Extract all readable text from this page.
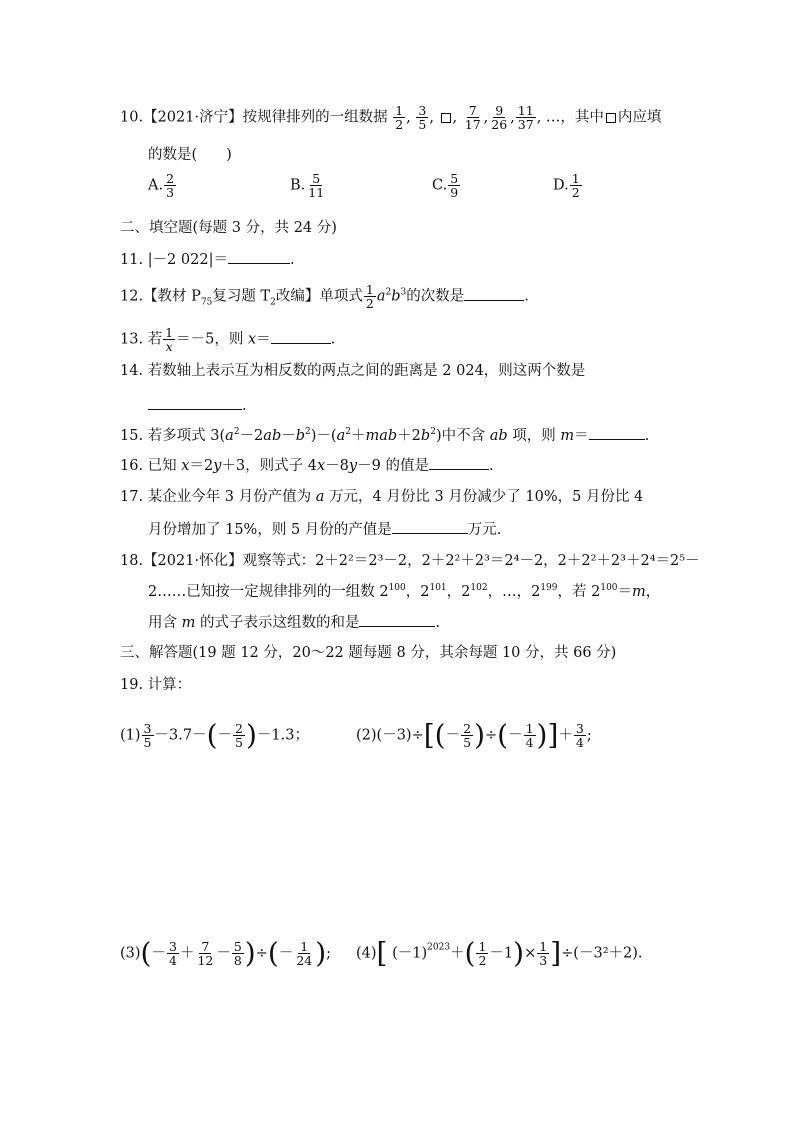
10.【2021·济宁】按规律排列的一组数据 $\frac{1}{2}$ , $\frac{3}{5}$ , , $\frac{7}{17}$ , $\frac{9}{26}$ , $\frac{11}{37}$ , …，其中 内应填
的数是(　　)
A. $\frac{2}{3}$	B. $\frac{5}{11}$	C. $\frac{5}{9}$	D. $\frac{1}{2}$
二、填空题(每题 3 分，共 24 分)
11. |－2 022|＝	.
12.【教材 $P_{75}$复习题 $T_2$改编】单项式 $\frac{1}{2} a^2b^3$的次数是	.
13. 若 $\frac{1}{x} =-5$，则 x＝	.
14. 若数轴上表示互为相反数的两点之间的距离是 2 024，则这两个数是
.
15. 若多项式 $3(a^2-2ab-b^2)-(a^2+mab+2b^2)$中不含 ab 项，则 m＝	.
16. 已知 x＝2y＋3，则式子 4x－8y－9 的值是	.
17. 某企业今年 3 月份产值为 a 万元，4 月份比 3 月份减少了 10%，5 月份比 4
月份增加了 15%，则 5 月份的产值是	万元.
18.【2021·怀化】观察等式：2＋2²＝2³－2，2＋2²＋2³＝2⁴－2，2＋2²＋2³＋2⁴＝2⁵－
2……已知按一定规律排列的一组数 $2^{100}$，$2^{101}$，$2^{102}$，…，$2^{199}$，若 $2^{100}=m$，
用含 m 的式子表示这组数的和是	.
三、解答题(19 题 12 分，20～22 题每题 8 分，其余每题 10 分，共 66 分)
19. 计算：
$(1) \frac{3}{5} -3.7-(- \frac{2}{5} )-1.3$；	$(2)(-3)\div[(- \frac{2}{5}$ )÷(－ $\frac{1}{4}$ )]＋ $\frac{3}{4}$ ;
$(3)(- \frac{3}{4} + \frac{7}{12} - \frac{5}{8}$ )÷(－ $\frac{1}{24}$ ); (4)[ $(-1)^{2023}+( \frac{1}{2} -1)\times \frac{1}{3} ]\div(-3^2+2)$.
